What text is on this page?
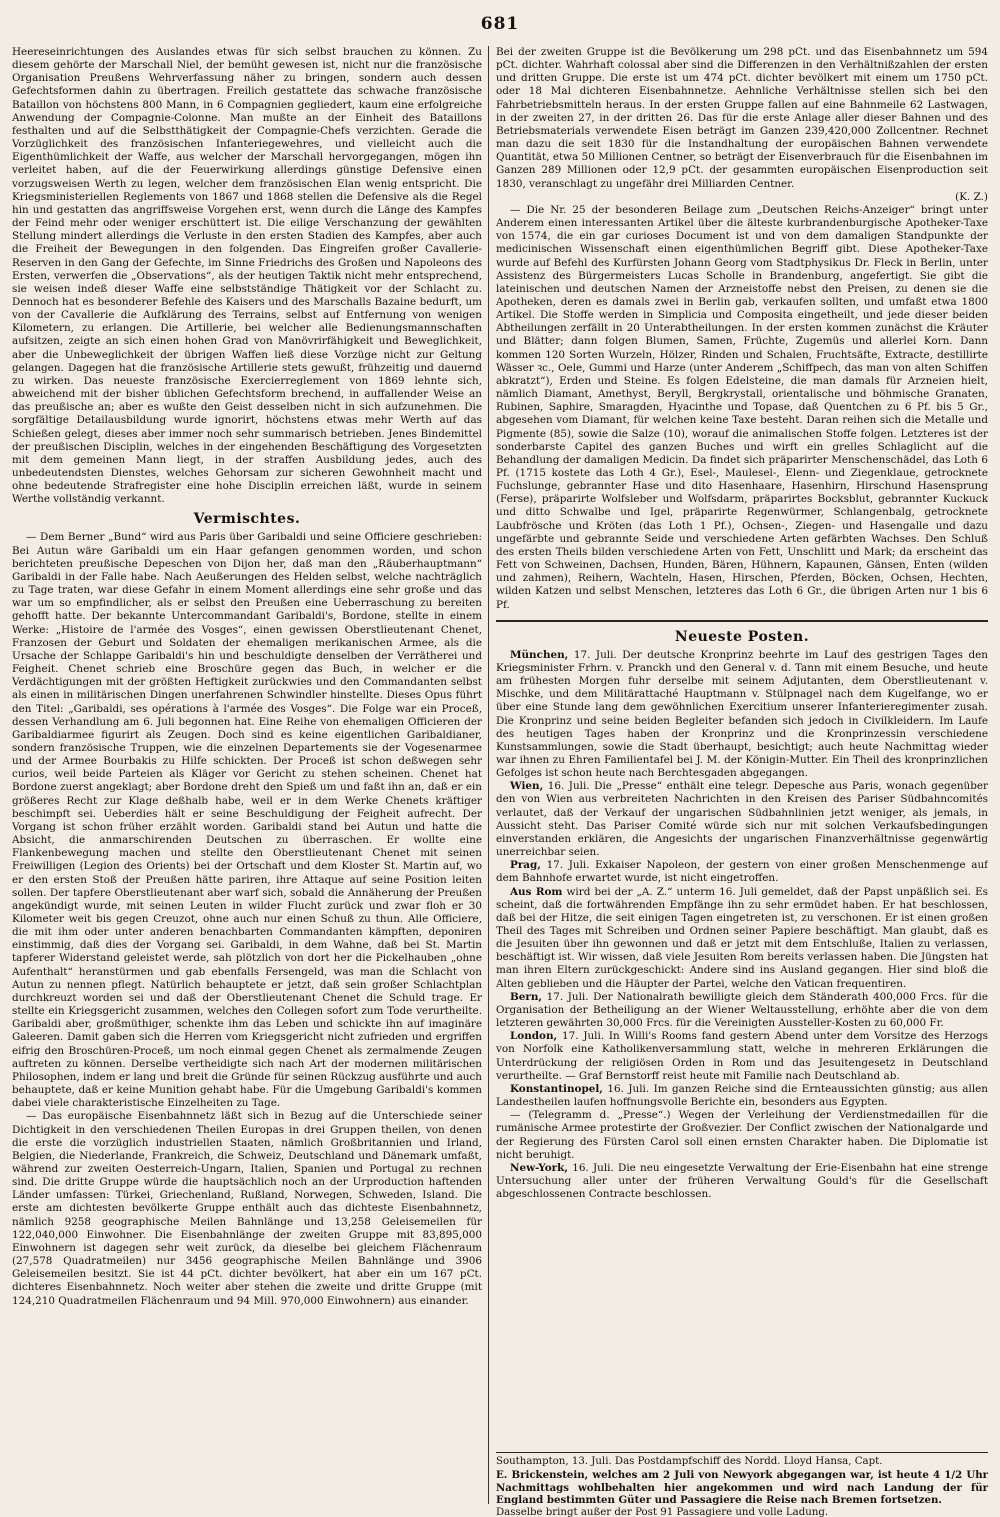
681

Heereseinrichtungen des Auslandes etwas für sich selbst brauchen zu können. Zu diesem gehörte der Marschall Niel, der bemüht gewesen ist, nicht nur die französische Organisation Preußens Wehrverfassung näher zu bringen, sondern auch dessen Gefechtsformen dahin zu übertragen. Freilich gestattete das schwache französische Bataillon von höchstens 800 Mann, in 6 Compagnien gegliedert, kaum eine erfolgreiche Anwendung der Compagnie-Colonne. Man mußte an der Einheit des Bataillons festhalten und auf die Selbstthätigkeit der Compagnie-Chefs verzichten. Gerade die Vorzüglichkeit des französischen Infanteriegewehres, und vielleicht auch die Eigenthümlichkeit der Waffe, aus welcher der Marschall hervorgegangen, mögen ihn verleitet haben, auf die der Feuerwirkung allerdings günstige Defensive einen vorzugsweisen Werth zu legen, welcher dem französischen Elan wenig entspricht. Die Kriegsministeriellen Reglements von 1867 und 1868 stellen die Defensive als die Regel hin und gestatten das angriffsweise Vorgehen erst, wenn durch die Länge des Kampfes der Feind mehr oder weniger erschüttert ist. Die eilige Verschanzung der gewählten Stellung mindert allerdings die Verluste in den ersten Stadien des Kampfes, aber auch die Freiheit der Bewegungen in den folgenden. Das Eingreifen großer Cavallerie-Reserven in den Gang der Gefechte, im Sinne Friedrichs des Großen und Napoleons des Ersten, verwerfen die „Observations“, als der heutigen Taktik nicht mehr entsprechend, sie weisen indeß dieser Waffe eine selbstständige Thätigkeit vor der Schlacht zu. Dennoch hat es besonderer Befehle des Kaisers und des Marschalls Bazaine bedurft, um von der Cavallerie die Aufklärung des Terrains, selbst auf Entfernung von wenigen Kilometern, zu erlangen. Die Artillerie, bei welcher alle Bedienungsmannschaften aufsitzen, zeigte an sich einen hohen Grad von Manövrirfähigkeit und Beweglichkeit, aber die Unbeweglichkeit der übrigen Waffen ließ diese Vorzüge nicht zur Geltung gelangen. Dagegen hat die französische Artillerie stets gewußt, frühzeitig und dauernd zu wirken. Das neueste französische Exercierreglement von 1869 lehnte sich, abweichend mit der bisher üblichen Gefechtsform brechend, in auffallender Weise an das preußische an; aber es wußte den Geist desselben nicht in sich aufzunehmen. Die sorgfältige Detailausbildung wurde ignorirt, höchstens etwas mehr Werth auf das Schießen gelegt, dieses aber immer noch sehr summarisch betrieben. Jenes Bindemittel der preußischen Disciplin, welches in der eingehenden Beschäftigung des Vorgesetzten mit dem gemeinen Mann liegt, in der straffen Ausbildung jedes, auch des unbedeutendsten Dienstes, welches Gehorsam zur sicheren Gewohnheit macht und ohne bedeutende Strafregister eine hohe Disciplin erreichen läßt, wurde in seinem Werthe vollständig verkannt.

Vermischtes.

— Dem Berner „Bund“ wird aus Paris über Garibaldi und seine Officiere geschrieben: Bei Autun wäre Garibaldi um ein Haar gefangen genommen worden, und schon berichteten preußische Depeschen von Dijon her, daß man den „Räuberhauptmann“ Garibaldi in der Falle habe. Nach Aeußerungen des Helden selbst, welche nachträglich zu Tage traten, war diese Gefahr in einem Moment allerdings eine sehr große und das war um so empfindlicher, als er selbst den Preußen eine Ueberraschung zu bereiten gehofft hatte. Der bekannte Untercommandant Garibaldi's, Bordone, stellte in einem Werke: „Histoire de l'armée des Vosges“, einen gewissen Oberstlieutenant Chenet, Franzosen der Geburt und Soldaten der ehemaligen merikanischen Armee, als die Ursache der Schlappe Garibaldi's hin und beschuldigte denselben der Verrätherei und Feigheit. Chenet schrieb eine Broschüre gegen das Buch, in welcher er die Verdächtigungen mit der größten Heftigkeit zurückwies und den Commandanten selbst als einen in militärischen Dingen unerfahrenen Schwindler hinstellte. Dieses Opus führt den Titel: „Garibaldi, ses opérations à l'armée des Vosges“. Die Folge war ein Proceß, dessen Verhandlung am 6. Juli begonnen hat. Eine Reihe von ehemaligen Officieren der Garibaldiarmee figurirt als Zeugen. Doch sind es keine eigentlichen Garibaldianer, sondern französische Truppen, wie die einzelnen Departements sie der Vogesenarmee und der Armee Bourbakis zu Hilfe schickten. Der Proceß ist schon deßwegen sehr curios, weil beide Parteien als Kläger vor Gericht zu stehen scheinen. Chenet hat Bordone zuerst angeklagt; aber Bordone dreht den Spieß um und faßt ihn an, daß er ein größeres Recht zur Klage deßhalb habe, weil er in dem Werke Chenets kräftiger beschimpft sei. Ueberdies hält er seine Beschuldigung der Feigheit aufrecht. Der Vorgang ist schon früher erzählt worden. Garibaldi stand bei Autun und hatte die Absicht, die anmarschirenden Deutschen zu überraschen. Er wollte eine Flankenbewegung machen und stellte den Oberstlieutenant Chenet mit seinen Freiwilligen (Legion des Orients) bei der Ortschaft und dem Kloster St. Martin auf, wo er den ersten Stoß der Preußen hätte pariren, ihre Attaque auf seine Position leiten sollen. Der tapfere Oberstlieutenant aber warf sich, sobald die Annäherung der Preußen angekündigt wurde, mit seinen Leuten in wilder Flucht zurück und zwar floh er 30 Kilometer weit bis gegen Creuzot, ohne auch nur einen Schuß zu thun. Alle Officiere, die mit ihm oder unter anderen benachbarten Commandanten kämpften, deponiren einstimmig, daß dies der Vorgang sei. Garibaldi, in dem Wahne, daß bei St. Martin tapferer Widerstand geleistet werde, sah plötzlich von dort her die Pickelhauben „ohne Aufenthalt“ heranstürmen und gab ebenfalls Fersengeld, was man die Schlacht von Autun zu nennen pflegt. Natürlich behauptete er jetzt, daß sein großer Schlachtplan durchkreuzt worden sei und daß der Oberstlieutenant Chenet die Schuld trage. Er stellte ein Kriegsgericht zusammen, welches den Collegen sofort zum Tode verurtheilte. Garibaldi aber, großmüthiger, schenkte ihm das Leben und schickte ihn auf imaginäre Galeeren. Damit gaben sich die Herren vom Kriegsgericht nicht zufrieden und ergriffen eifrig den Broschüren-Proceß, um noch einmal gegen Chenet als zermalmende Zeugen auftreten zu können. Derselbe vertheidigte sich nach Art der modernen militärischen Philosophen, indem er lang und breit die Gründe für seinen Rückzug ausführte und auch behauptete, daß er keine Munition gehabt habe. Für die Umgebung Garibaldi's kommen dabei viele charakteristische Einzelheiten zu Tage.

— Das europäische Eisenbahnnetz läßt sich in Bezug auf die Unterschiede seiner Dichtigkeit in den verschiedenen Theilen Europas in drei Gruppen theilen, von denen die erste die vorzüglich industriellen Staaten, nämlich Großbritannien und Irland, Belgien, die Niederlande, Frankreich, die Schweiz, Deutschland und Dänemark umfaßt, während zur zweiten Oesterreich-Ungarn, Italien, Spanien und Portugal zu rechnen sind. Die dritte Gruppe würde die hauptsächlich noch an der Urproduction haftenden Länder umfassen: Türkei, Griechenland, Rußland, Norwegen, Schweden, Island. Die erste am dichtesten bevölkerte Gruppe enthält auch das dichteste Eisenbahnnetz, nämlich 9258 geographische Meilen Bahnlänge und 13,258 Geleisemeilen für 122,040,000 Einwohner. Die Eisenbahnlänge der zweiten Gruppe mit 83,895,000 Einwohnern ist dagegen sehr weit zurück, da dieselbe bei gleichem Flächenraum (27,578 Quadratmeilen) nur 3456 geographische Meilen Bahnlänge und 3906 Geleisemeilen besitzt. Sie ist 44 pCt. dichter bevölkert, hat aber ein um 167 pCt. dichteres Eisenbahnnetz. Noch weiter aber stehen die zweite und dritte Gruppe (mit 124,210 Quadratmeilen Flächenraum und 94 Mill. 970,000 Einwohnern) aus einander.

Bei der zweiten Gruppe ist die Bevölkerung um 298 pCt. und das Eisenbahnnetz um 594 pCt. dichter. Wahrhaft colossal aber sind die Differenzen in den Verhältnißzahlen der ersten und dritten Gruppe. Die erste ist um 474 pCt. dichter bevölkert mit einem um 1750 pCt. oder 18 Mal dichteren Eisenbahnnetze. Aehnliche Verhältnisse stellen sich bei den Fahrbetriebsmitteln heraus. In der ersten Gruppe fallen auf eine Bahnmeile 62 Lastwagen, in der zweiten 27, in der dritten 26. Das für die erste Anlage aller dieser Bahnen und des Betriebsmaterials verwendete Eisen beträgt im Ganzen 239,420,000 Zollcentner. Rechnet man dazu die seit 1830 für die Instandhaltung der europäischen Bahnen verwendete Quantität, etwa 50 Millionen Centner, so beträgt der Eisenverbrauch für die Eisenbahnen im Ganzen 289 Millionen oder 12,9 pCt. der gesammten europäischen Eisenproduction seit 1830, veranschlagt zu ungefähr drei Milliarden Centner.

(K. Z.)

— Die Nr. 25 der besonderen Beilage zum „Deutschen Reichs-Anzeiger“ bringt unter Anderem einen interessanten Artikel über die älteste kurbrandenburgische Apotheker-Taxe von 1574, die ein gar curioses Document ist und von dem damaligen Standpunkte der medicinischen Wissenschaft einen eigenthümlichen Begriff gibt. Diese Apotheker-Taxe wurde auf Befehl des Kurfürsten Johann Georg vom Stadtphysikus Dr. Fleck in Berlin, unter Assistenz des Bürgermeisters Lucas Scholle in Brandenburg, angefertigt. Sie gibt die lateinischen und deutschen Namen der Arzneistoffe nebst den Preisen, zu denen sie die Apotheken, deren es damals zwei in Berlin gab, verkaufen sollten, und umfaßt etwa 1800 Artikel. Die Stoffe werden in Simplicia und Composita eingetheilt, und jede dieser beiden Abtheilungen zerfällt in 20 Unterabtheilungen. In der ersten kommen zunächst die Kräuter und Blätter; dann folgen Blumen, Samen, Früchte, Zugemüs und allerlei Korn. Dann kommen 120 Sorten Wurzeln, Hölzer, Rinden und Schalen, Fruchtsäfte, Extracte, destillirte Wässer ꝛc., Oele, Gummi und Harze (unter Anderem „Schiffpech, das man von alten Schiffen abkratzt“), Erden und Steine. Es folgen Edelsteine, die man damals für Arzneien hielt, nämlich Diamant, Amethyst, Beryll, Bergkrystall, orientalische und böhmische Granaten, Rubinen, Saphire, Smaragden, Hyacinthe und Topase, daß Quentchen zu 6 Pf. bis 5 Gr., abgesehen vom Diamant, für welchen keine Taxe besteht. Daran reihen sich die Metalle und Pigmente (85), sowie die Salze (10), worauf die animalischen Stoffe folgen. Letzteres ist der sonderbarste Capitel des ganzen Buches und wirft ein grelles Schlaglicht auf die Behandlung der damaligen Medicin. Da findet sich präparirter Menschenschädel, das Loth 6 Pf. (1715 kostete das Loth 4 Gr.), Esel-, Maulesel-, Elenn- und Ziegenklaue, getrocknete Fuchslunge, gebrannter Hase und dito Hasenhaare, Hasenhirn, Hirschund Hasensprung (Ferse), präparirte Wolfsleber und Wolfsdarm, präparirtes Bocksblut, gebrannter Kuckuck und ditto Schwalbe und Igel, präparirte Regenwürmer, Schlangenbalg, getrocknete Laubfrösche und Kröten (das Loth 1 Pf.), Ochsen-, Ziegen- und Hasengalle und dazu ungefärbte und gebrannte Seide und verschiedene Arten gefärbten Wachses. Den Schluß des ersten Theils bilden verschiedene Arten von Fett, Unschlitt und Mark; da erscheint das Fett von Schweinen, Dachsen, Hunden, Bären, Hühnern, Kapaunen, Gänsen, Enten (wilden und zahmen), Reihern, Wachteln, Hasen, Hirschen, Pferden, Böcken, Ochsen, Hechten, wilden Katzen und selbst Menschen, letzteres das Loth 6 Gr., die übrigen Arten nur 1 bis 6 Pf.

Neueste Posten.

München, 17. Juli. Der deutsche Kronprinz beehrte im Lauf des gestrigen Tages den Kriegsminister Frhrn. v. Pranckh und den General v. d. Tann mit einem Besuche, und heute am frühesten Morgen fuhr derselbe mit seinem Adjutanten, dem Oberstlieutenant v. Mischke, und dem Militärattaché Hauptmann v. Stülpnagel nach dem Kugelfange, wo er über eine Stunde lang dem gewöhnlichen Exercitium unserer Infanterieregimenter zusah. Die Kronprinz und seine beiden Begleiter befanden sich jedoch in Civilkleidern. Im Laufe des heutigen Tages haben der Kronprinz und die Kronprinzessin verschiedene Kunstsammlungen, sowie die Stadt überhaupt, besichtigt; auch heute Nachmittag wieder war ihnen zu Ehren Familientafel bei J. M. der Königin-Mutter. Ein Theil des kronprinzlichen Gefolges ist schon heute nach Berchtesgaden abgegangen.

Wien, 16. Juli. Die „Presse“ enthält eine telegr. Depesche aus Paris, wonach gegenüber den von Wien aus verbreiteten Nachrichten in den Kreisen des Pariser Südbahncomités verlautet, daß der Verkauf der ungarischen Südbahnlinien jetzt weniger, als jemals, in Aussicht steht. Das Pariser Comité würde sich nur mit solchen Verkaufsbedingungen einverstanden erklären, die Angesichts der ungarischen Finanzverhältnisse gegenwärtig unerreichbar seien.

Prag, 17. Juli. Exkaiser Napoleon, der gestern von einer großen Menschenmenge auf dem Bahnhofe erwartet wurde, ist nicht eingetroffen.

Aus Rom wird bei der „A. Z.“ unterm 16. Juli gemeldet, daß der Papst unpäßlich sei. Es scheint, daß die fortwährenden Empfänge ihn zu sehr ermüdet haben. Er hat beschlossen, daß bei der Hitze, die seit einigen Tagen eingetreten ist, zu verschonen. Er ist einen großen Theil des Tages mit Schreiben und Ordnen seiner Papiere beschäftigt. Man glaubt, daß es die Jesuiten über ihn gewonnen und daß er jetzt mit dem Entschluße, Italien zu verlassen, beschäftigt ist. Wir wissen, daß viele Jesuiten Rom bereits verlassen haben. Die Jüngsten hat man ihren Eltern zurückgeschickt: Andere sind ins Ausland gegangen. Hier sind bloß die Alten geblieben und die Häupter der Partei, welche den Vatican frequentiren.

Bern, 17. Juli. Der Nationalrath bewilligte gleich dem Ständerath 400,000 Frcs. für die Organisation der Betheiligung an der Wiener Weltausstellung, erhöhte aber die von dem letzteren gewährten 30,000 Frcs. für die Vereinigten Aussteller-Kosten zu 60,000 Fr.

London, 17. Juli. In Willi's Rooms fand gestern Abend unter dem Vorsitze des Herzogs von Norfolk eine Katholikenversammlung statt, welche in mehreren Erklärungen die Unterdrückung der religiösen Orden in Rom und das Jesuitengesetz in Deutschland verurtheilte. — Graf Bernstorff reist heute mit Familie nach Deutschland ab.

Konstantinopel, 16. Juli. Im ganzen Reiche sind die Ernteaussichten günstig; aus allen Landestheilen laufen hoffnungsvolle Berichte ein, besonders aus Egypten.

— (Telegramm d. „Presse“.) Wegen der Verleihung der Verdienstmedaillen für die rumänische Armee protestirte der Großvezier. Der Conflict zwischen der Nationalgarde und der Regierung des Fürsten Carol soll einen ernsten Charakter haben. Die Diplomatie ist nicht beruhigt.

New-York, 16. Juli. Die neu eingesetzte Verwaltung der Erie-Eisenbahn hat eine strenge Untersuchung aller unter der früheren Verwaltung Gould's für die Gesellschaft abgeschlossenen Contracte beschlossen.

Southampton, 13. Juli. Das Postdampfschiff des Nordd. Lloyd Hansa, Capt.

E. Brickenstein, welches am 2 Juli von Newyork abgegangen war, ist heute 4 1/2 Uhr Nachmittags wohlbehalten hier angekommen und wird nach Landung der für England bestimmten Güter und Passagiere die Reise nach Bremen fortsetzen.

Dasselbe bringt außer der Post 91 Passagiere und volle Ladung.
